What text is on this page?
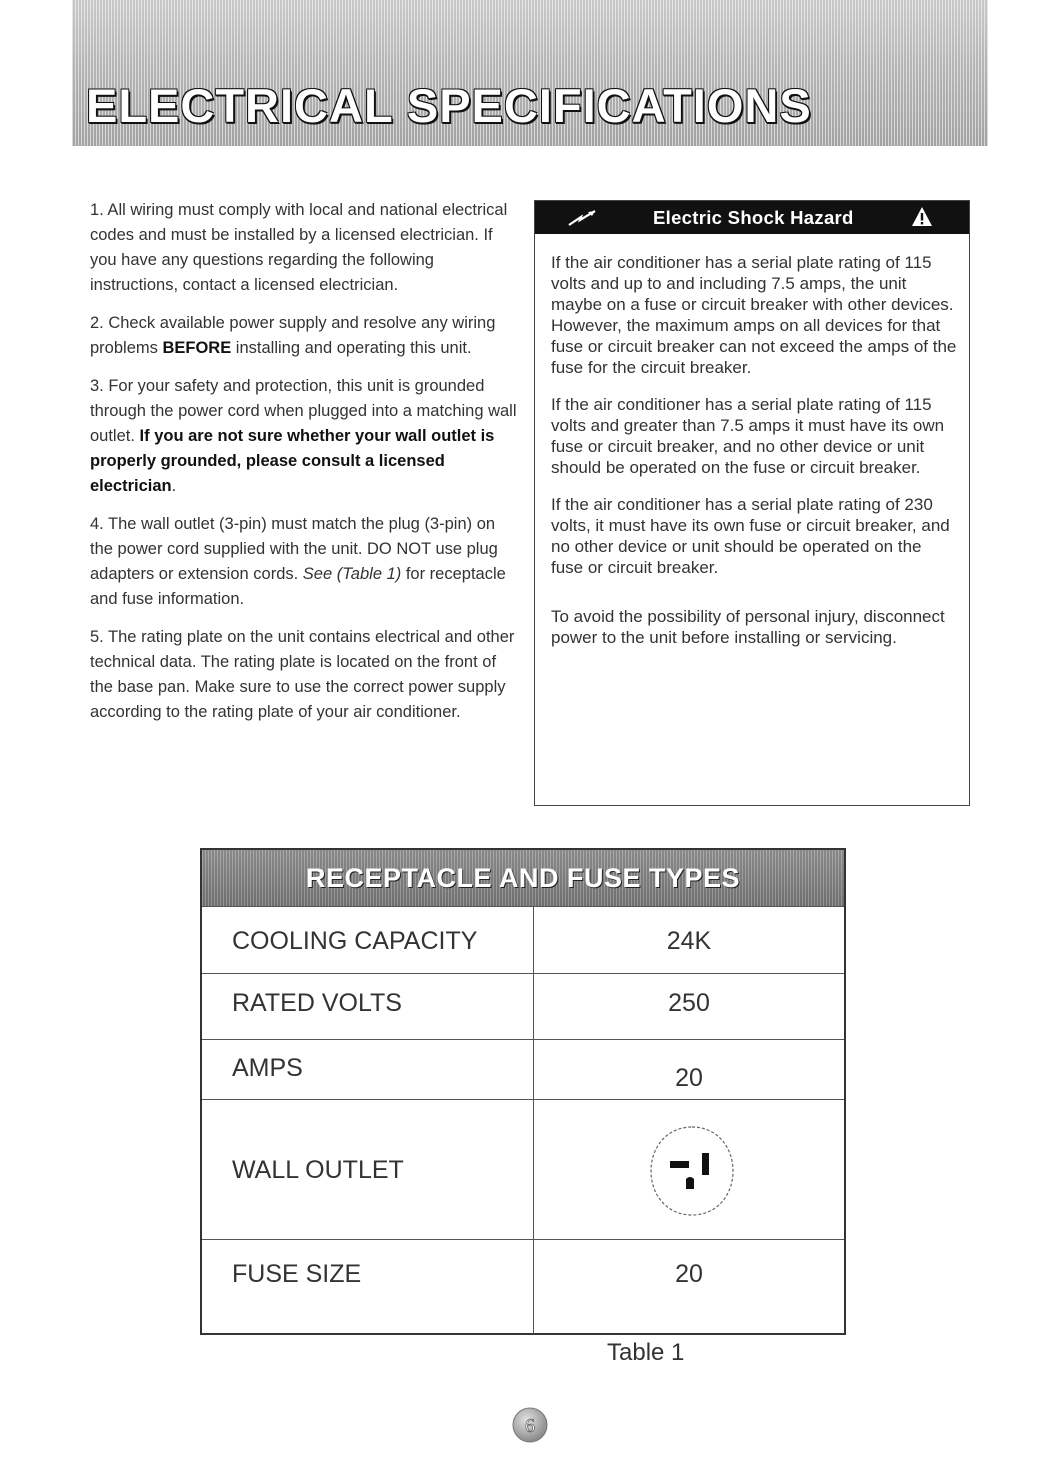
ELECTRICAL SPECIFICATIONS

1. All wiring must comply with local and national electrical codes and must be installed by a licensed electrician. If you have any questions regarding the following instructions, contact a licensed electrician.

2. Check available power supply and resolve any wiring problems BEFORE installing and operating this unit.

3. For your safety and protection, this unit is grounded through the power cord when plugged into a matching wall outlet. If you are not sure whether your wall outlet is properly grounded, please consult a licensed electrician.

4. The wall outlet (3-pin) must match the plug (3-pin) on the power cord supplied with the unit. DO NOT use plug adapters or extension cords. See (Table 1) for receptacle and fuse information.

5. The rating plate on the unit contains electrical and other technical data. The rating plate is located on the front of the base pan. Make sure to use the correct power supply according to the rating plate of your air conditioner.

Electric Shock Hazard

If the air conditioner has a serial plate rating of 115 volts and up to and including 7.5 amps, the unit maybe on a fuse or circuit breaker with other devices. However, the maximum amps on all devices for that fuse or circuit breaker can not exceed the amps of the fuse for the circuit breaker.

If the air conditioner has a serial plate rating of 115 volts and greater than 7.5 amps it must have its own fuse or circuit breaker, and no other device or unit should be operated on the fuse or circuit breaker.

If the air conditioner has a serial plate rating of 230 volts, it must have its own fuse or circuit breaker, and no other device or unit should be operated on the fuse or circuit breaker.

To avoid the possibility of personal injury, disconnect power to the unit before installing or servicing.

RECEPTACLE AND FUSE TYPES
COOLING CAPACITY	24K
RATED VOLTS	250
AMPS	20
WALL OUTLET
FUSE SIZE	20
Table 1
6
